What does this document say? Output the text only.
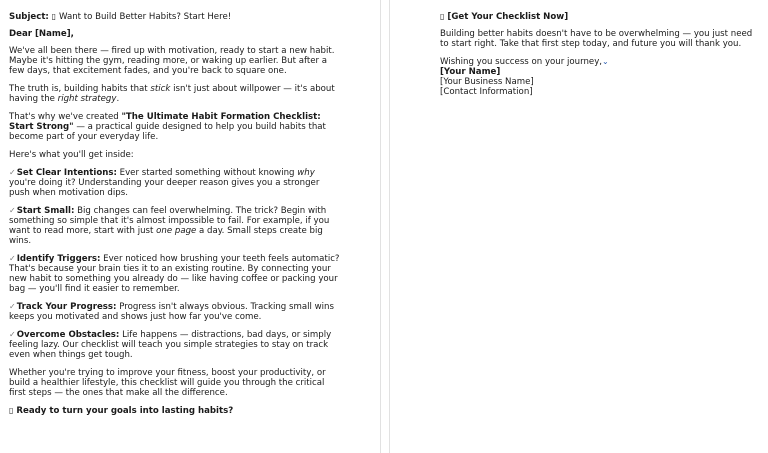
Subject: ▯ Want to Build Better Habits? Start Here!

Dear [Name],

We've all been there — fired up with motivation, ready to start a new habit. Maybe it's hitting the gym, reading more, or waking up earlier. But after a few days, that excitement fades, and you're back to square one.

The truth is, building habits that stick isn't just about willpower — it's about having the right strategy.

That's why we've created "The Ultimate Habit Formation Checklist: Start Strong" — a practical guide designed to help you build habits that become part of your everyday life.

Here's what you'll get inside:

✓Set Clear Intentions: Ever started something without knowing why you're doing it? Understanding your deeper reason gives you a stronger push when motivation dips.

✓Start Small: Big changes can feel overwhelming. The trick? Begin with something so simple that it's almost impossible to fail. For example, if you want to read more, start with just one page a day. Small steps create big wins.

✓Identify Triggers: Ever noticed how brushing your teeth feels automatic? That's because your brain ties it to an existing routine. By connecting your new habit to something you already do — like having coffee or packing your bag — you'll find it easier to remember.

✓Track Your Progress: Progress isn't always obvious. Tracking small wins keeps you motivated and shows just how far you've come.

✓Overcome Obstacles: Life happens — distractions, bad days, or simply feeling lazy. Our checklist will teach you simple strategies to stay on track even when things get tough.

Whether you're trying to improve your fitness, boost your productivity, or build a healthier lifestyle, this checklist will guide you through the critical first steps — the ones that make all the difference.

▯ Ready to turn your goals into lasting habits?

▯ [Get Your Checklist Now]

Building better habits doesn't have to be overwhelming — you just need to start right. Take that first step today, and future you will thank you.

Wishing you success on your journey,⌄

[Your Name]

[Your Business Name]

[Contact Information]
